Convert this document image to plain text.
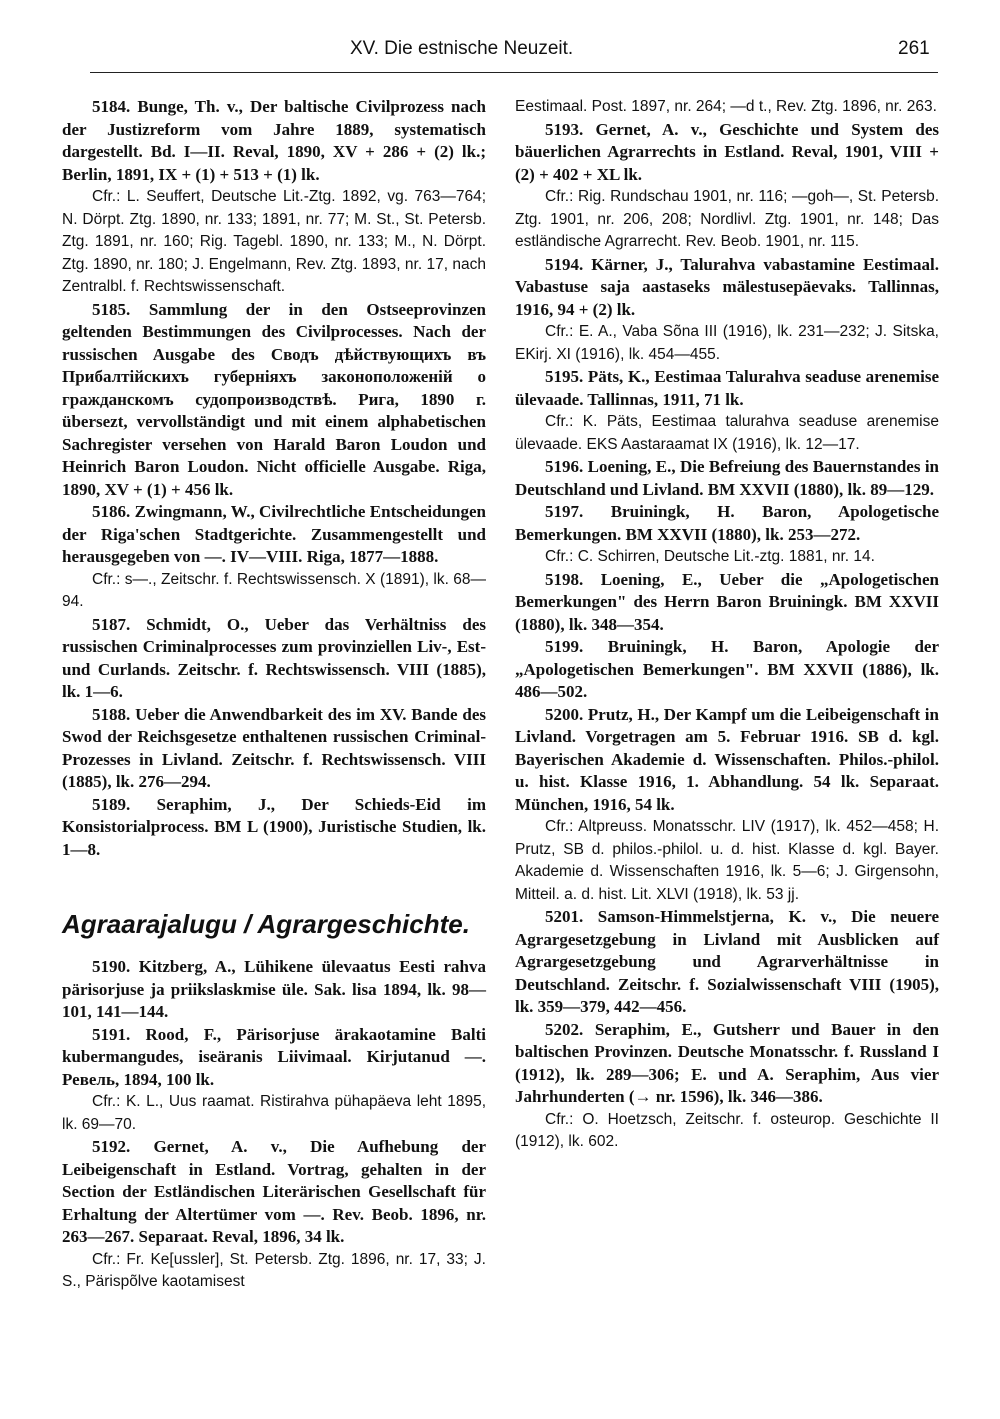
XV. Die estnische Neuzeit.	261

5184. Bunge, Th. v., Der baltische Civilprozess nach der Justizreform vom Jahre 1889, systematisch dargestellt. Bd. I—II. Reval, 1890, XV + 286 + (2) lk.; Berlin, 1891, IX + (1) + 513 + (1) lk.

Cfr.: L. Seuffert, Deutsche Lit.-Ztg. 1892, vg. 763—764; N. Dörpt. Ztg. 1890, nr. 133; 1891, nr. 77; M. St., St. Petersb. Ztg. 1891, nr. 160; Rig. Tagebl. 1890, nr. 133; M., N. Dörpt. Ztg. 1890, nr. 180; J. Engelmann, Rev. Ztg. 1893, nr. 17, nach Zentralbl. f. Rechtswissenschaft.

5185. Sammlung der in den Ostseeprovinzen geltenden Bestimmungen des Civilprocesses. Nach der russischen Ausgabe des Сводъ дѣйствующихъ въ Прибалтійскихъ губерніяхъ законоположеній о гражданскомъ судопроизводствѣ. Рига, 1890 г. übersezt, vervollständigt und mit einem alphabetischen Sachregister versehen von Harald Baron Loudon und Heinrich Baron Loudon. Nicht officielle Ausgabe. Riga, 1890, XV + (1) + 456 lk.

5186. Zwingmann, W., Civilrechtliche Entscheidungen der Riga'schen Stadtgerichte. Zusammengestellt und herausgegeben von —. IV—VIII. Riga, 1877—1888.

Cfr.: s—., Zeitschr. f. Rechtswissensch. X (1891), lk. 68—94.

5187. Schmidt, O., Ueber das Verhältniss des russischen Criminalprocesses zum provinziellen Liv-, Est- und Curlands. Zeitschr. f. Rechtswissensch. VIII (1885), lk. 1—6.

5188. Ueber die Anwendbarkeit des im XV. Bande des Swod der Reichsgesetze enthaltenen russischen Criminal-Prozesses in Livland. Zeitschr. f. Rechtswissensch. VIII (1885), lk. 276—294.

5189. Seraphim, J., Der Schieds-Eid im Konsistorialprocess. BM L (1900), Juristische Studien, lk. 1—8.

Agraarajalugu / Agrargeschichte.

5190. Kitzberg, A., Lühikene ülevaatus Eesti rahva pärisorjuse ja priikslaskmise üle. Sak. lisa 1894, lk. 98—101, 141—144.

5191. Rood, F., Pärisorjuse ärakaotamine Balti kubermangudes, iseäranis Liivimaal. Kirjutanud —. Ревель, 1894, 100 lk.

Cfr.: K. L., Uus raamat. Ristirahva pühapäeva leht 1895, lk. 69—70.

5192. Gernet, A. v., Die Aufhebung der Leibeigenschaft in Estland. Vortrag, gehalten in der Section der Estländischen Literärischen Gesellschaft für Erhaltung der Altertümer vom —. Rev. Beob. 1896, nr. 263—267. Separaat. Reval, 1896, 34 lk.

Cfr.: Fr. Ke[ussler], St. Petersb. Ztg. 1896, nr. 17, 33; J. S., Pärispõlve kaotamisest

Eestimaal. Post. 1897, nr. 264; —d t., Rev. Ztg. 1896, nr. 263.

5193. Gernet, A. v., Geschichte und System des bäuerlichen Agrarrechts in Estland. Reval, 1901, VIII + (2) + 402 + XL lk.

Cfr.: Rig. Rundschau 1901, nr. 116; —goh—, St. Petersb. Ztg. 1901, nr. 206, 208; Nordlivl. Ztg. 1901, nr. 148; Das estländische Agrarrecht. Rev. Beob. 1901, nr. 115.

5194. Kärner, J., Talurahva vabastamine Eestimaal. Vabastuse saja aastaseks mälestusepäevaks. Tallinnas, 1916, 94 + (2) lk.

Cfr.: E. A., Vaba Sõna III (1916), lk. 231—232; J. Sitska, EKirj. XI (1916), lk. 454—455.

5195. Päts, K., Eestimaa Talurahva seaduse arenemise ülevaade. Tallinnas, 1911, 71 lk.

Cfr.: K. Päts, Eestimaa talurahva seaduse arenemise ülevaade. EKS Aastaraamat IX (1916), lk. 12—17.

5196. Loening, E., Die Befreiung des Bauernstandes in Deutschland und Livland. BM XXVII (1880), lk. 89—129.

5197. Bruiningk, H. Baron, Apologetische Bemerkungen. BM XXVII (1880), lk. 253—272.

Cfr.: C. Schirren, Deutsche Lit.-ztg. 1881, nr. 14.

5198. Loening, E., Ueber die „Apologetischen Bemerkungen" des Herrn Baron Bruiningk. BM XXVII (1880), lk. 348—354.

5199. Bruiningk, H. Baron, Apologie der „Apologetischen Bemerkungen". BM XXVII (1886), lk. 486—502.

5200. Prutz, H., Der Kampf um die Leibeigenschaft in Livland. Vorgetragen am 5. Februar 1916. SB d. kgl. Bayerischen Akademie d. Wissenschaften. Philos.-philol. u. hist. Klasse 1916, 1. Abhandlung. 54 lk. Separaat. München, 1916, 54 lk.

Cfr.: Altpreuss. Monatsschr. LIV (1917), lk. 452—458; H. Prutz, SB d. philos.-philol. u. d. hist. Klasse d. kgl. Bayer. Akademie d. Wissenschaften 1916, lk. 5—6; J. Girgensohn, Mitteil. a. d. hist. Lit. XLVI (1918), lk. 53 jj.

5201. Samson-Himmelstjerna, K. v., Die neuere Agrargesetzgebung in Livland mit Ausblicken auf Agrargesetzgebung und Agrarverhältnisse in Deutschland. Zeitschr. f. Sozialwissenschaft VIII (1905), lk. 359—379, 442—456.

5202. Seraphim, E., Gutsherr und Bauer in den baltischen Provinzen. Deutsche Monatsschr. f. Russland I (1912), lk. 289—306; E. und A. Seraphim, Aus vier Jahrhunderten (→ nr. 1596), lk. 346—386.

Cfr.: O. Hoetzsch, Zeitschr. f. osteurop. Geschichte II (1912), lk. 602.
